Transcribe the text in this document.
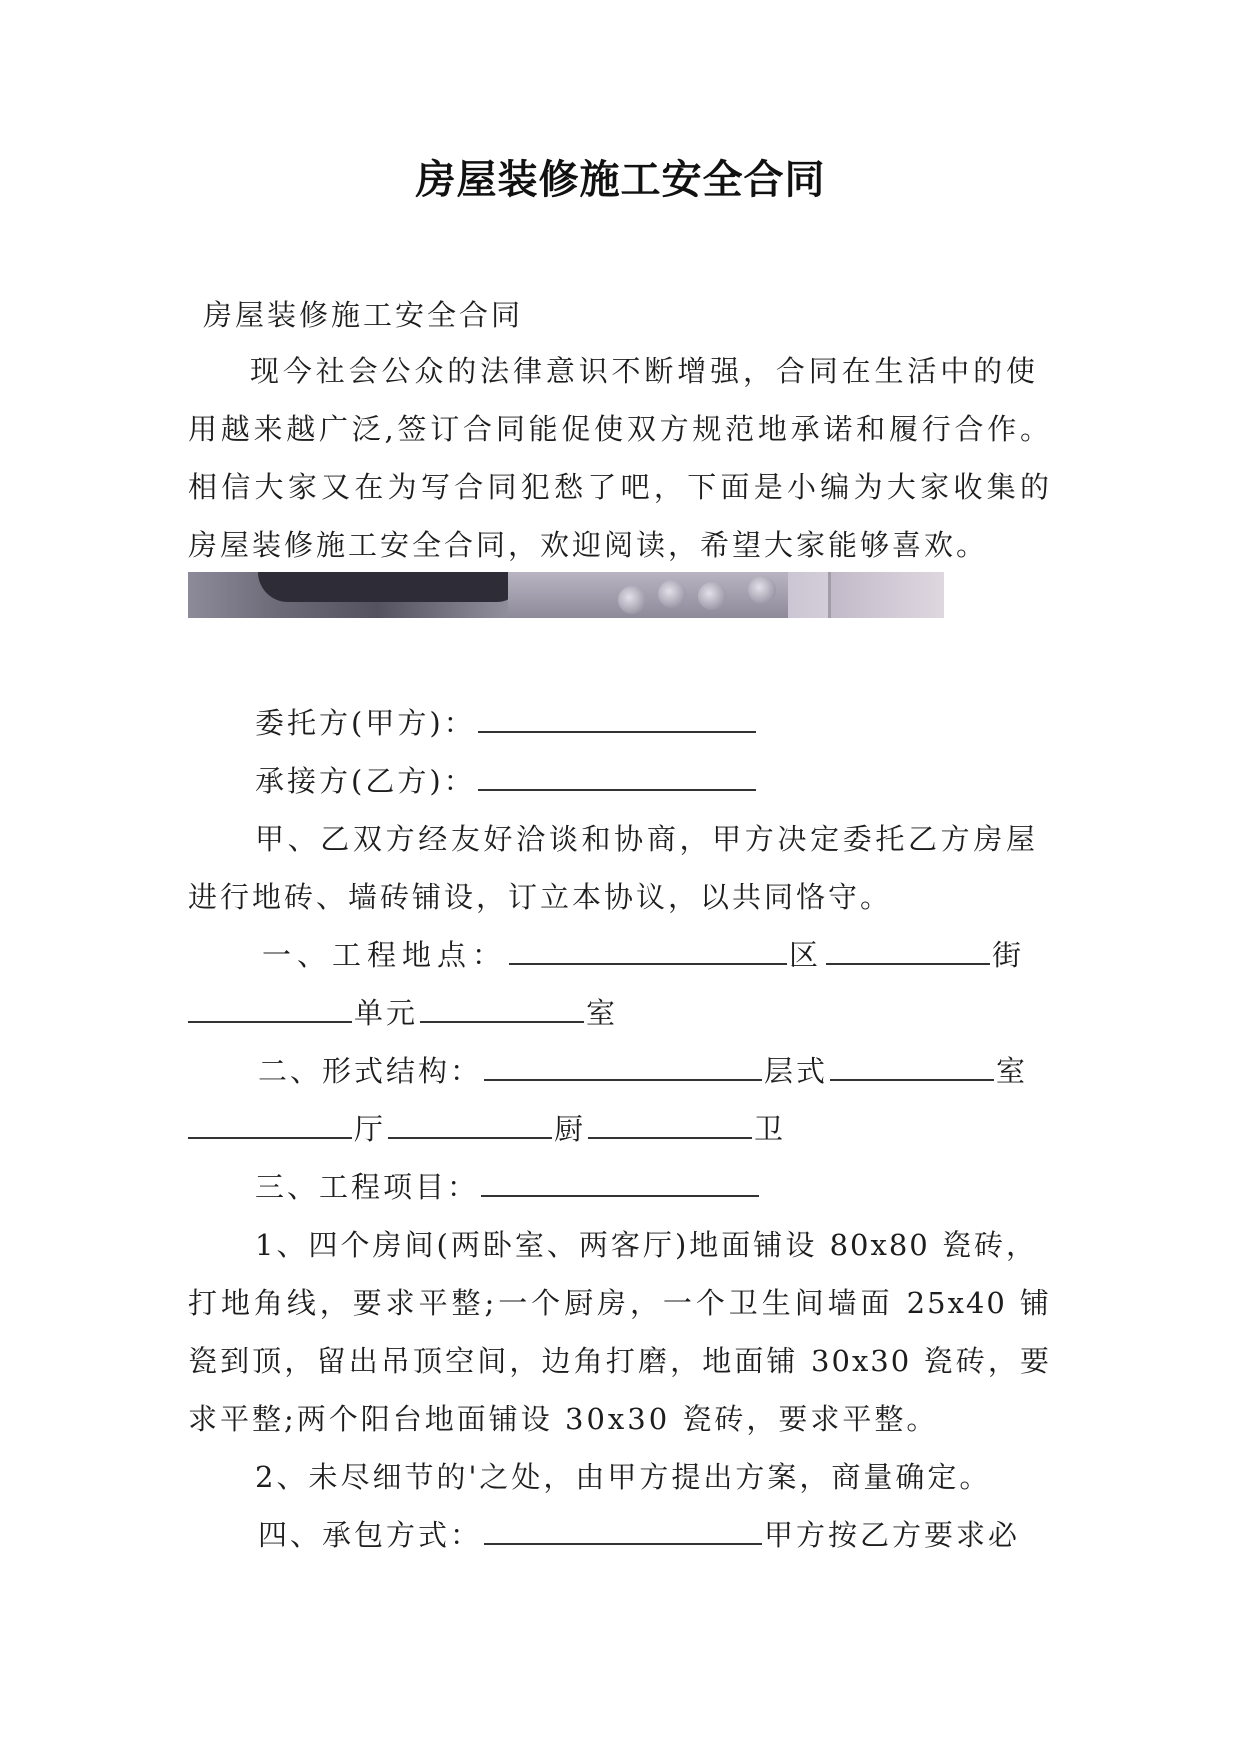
房屋装修施工安全合同
房屋装修施工安全合同
现今社会公众的法律意识不断增强，合同在生活中的使
用越来越广泛,签订合同能促使双方规范地承诺和履行合作。
相信大家又在为写合同犯愁了吧，下面是小编为大家收集的
房屋装修施工安全合同，欢迎阅读，希望大家能够喜欢。
委托方(甲方)：
承接方(乙方)：
甲、乙双方经友好洽谈和协商，甲方决定委托乙方房屋
进行地砖、墙砖铺设，订立本协议，以共同恪守。
一、工程地点：	区	街
单元	室
二、形式结构：	层式	室
厅	厨	卫
三、工程项目：
1、四个房间(两卧室、两客厅)地面铺设 80x80 瓷砖，
打地角线，要求平整;一个厨房，一个卫生间墙面 25x40 铺
瓷到顶，留出吊顶空间，边角打磨，地面铺 30x30 瓷砖，要
求平整;两个阳台地面铺设 30x30 瓷砖，要求平整。
2、未尽细节的'之处，由甲方提出方案，商量确定。
四、承包方式：	甲方按乙方要求必
